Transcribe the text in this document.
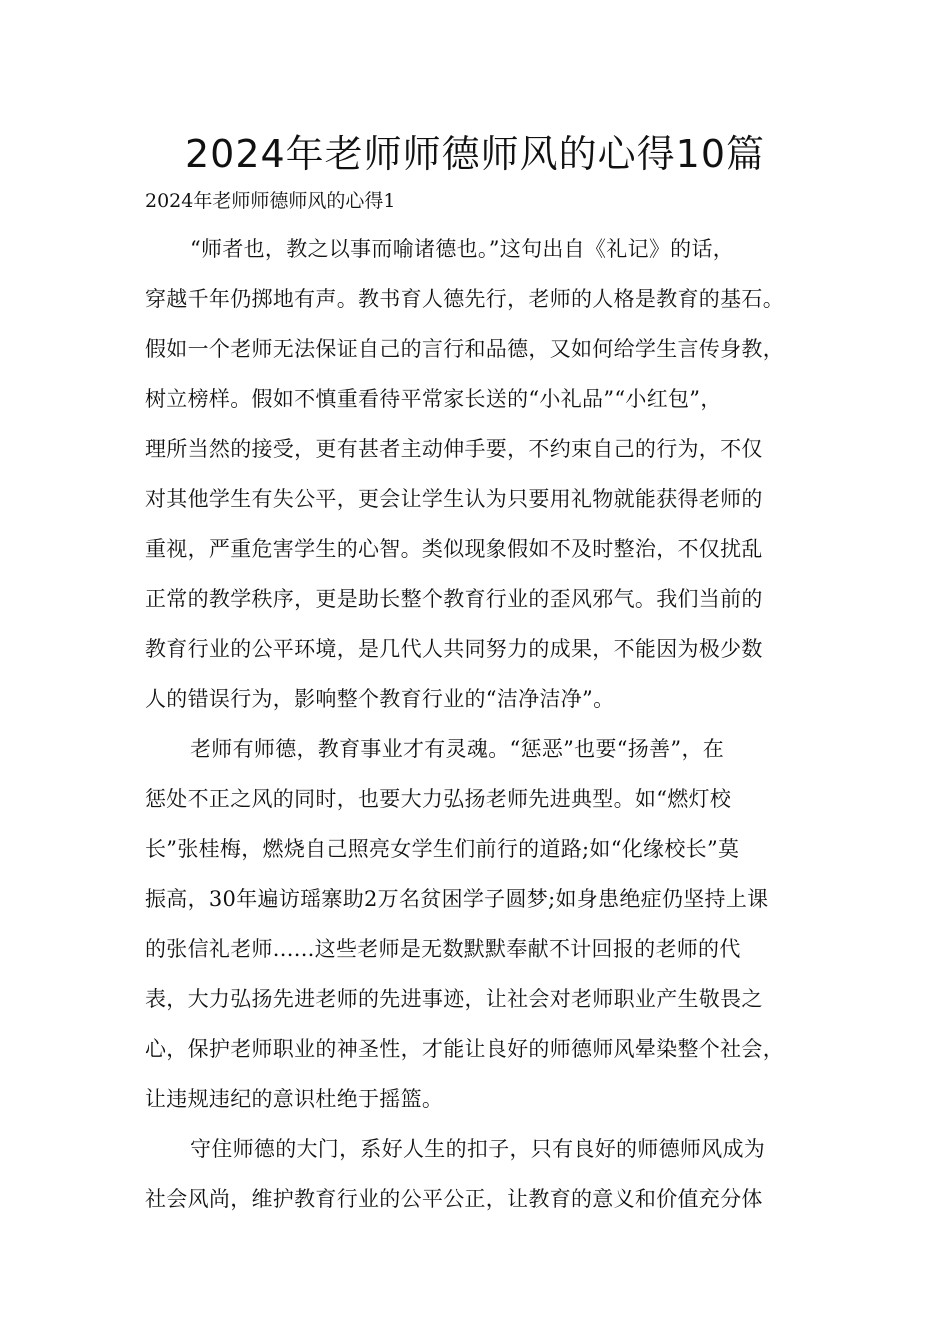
2024年老师师德师风的心得10篇
2024年老师师德师风的心得1
“师者也，教之以事而喻诸德也。”这句出自《礼记》的话，
穿越千年仍掷地有声。教书育人德先行，老师的人格是教育的基石。
假如一个老师无法保证自己的言行和品德，又如何给学生言传身教，
树立榜样。假如不慎重看待平常家长送的“小礼品”“小红包”，
理所当然的接受，更有甚者主动伸手要，不约束自己的行为，不仅
对其他学生有失公平，更会让学生认为只要用礼物就能获得老师的
重视，严重危害学生的心智。类似现象假如不及时整治，不仅扰乱
正常的教学秩序，更是助长整个教育行业的歪风邪气。我们当前的
教育行业的公平环境，是几代人共同努力的成果，不能因为极少数
人的错误行为，影响整个教育行业的“洁净洁净”。
老师有师德，教育事业才有灵魂。“惩恶”也要“扬善”，在
惩处不正之风的同时，也要大力弘扬老师先进典型。如“燃灯校
长”张桂梅，燃烧自己照亮女学生们前行的道路;如“化缘校长”莫
振高，30年遍访瑶寨助2万名贫困学子圆梦;如身患绝症仍坚持上课
的张信礼老师......这些老师是无数默默奉献不计回报的老师的代
表，大力弘扬先进老师的先进事迹，让社会对老师职业产生敬畏之
心，保护老师职业的神圣性，才能让良好的师德师风晕染整个社会，
让违规违纪的意识杜绝于摇篮。
守住师德的大门，系好人生的扣子，只有良好的师德师风成为
社会风尚，维护教育行业的公平公正，让教育的意义和价值充分体
